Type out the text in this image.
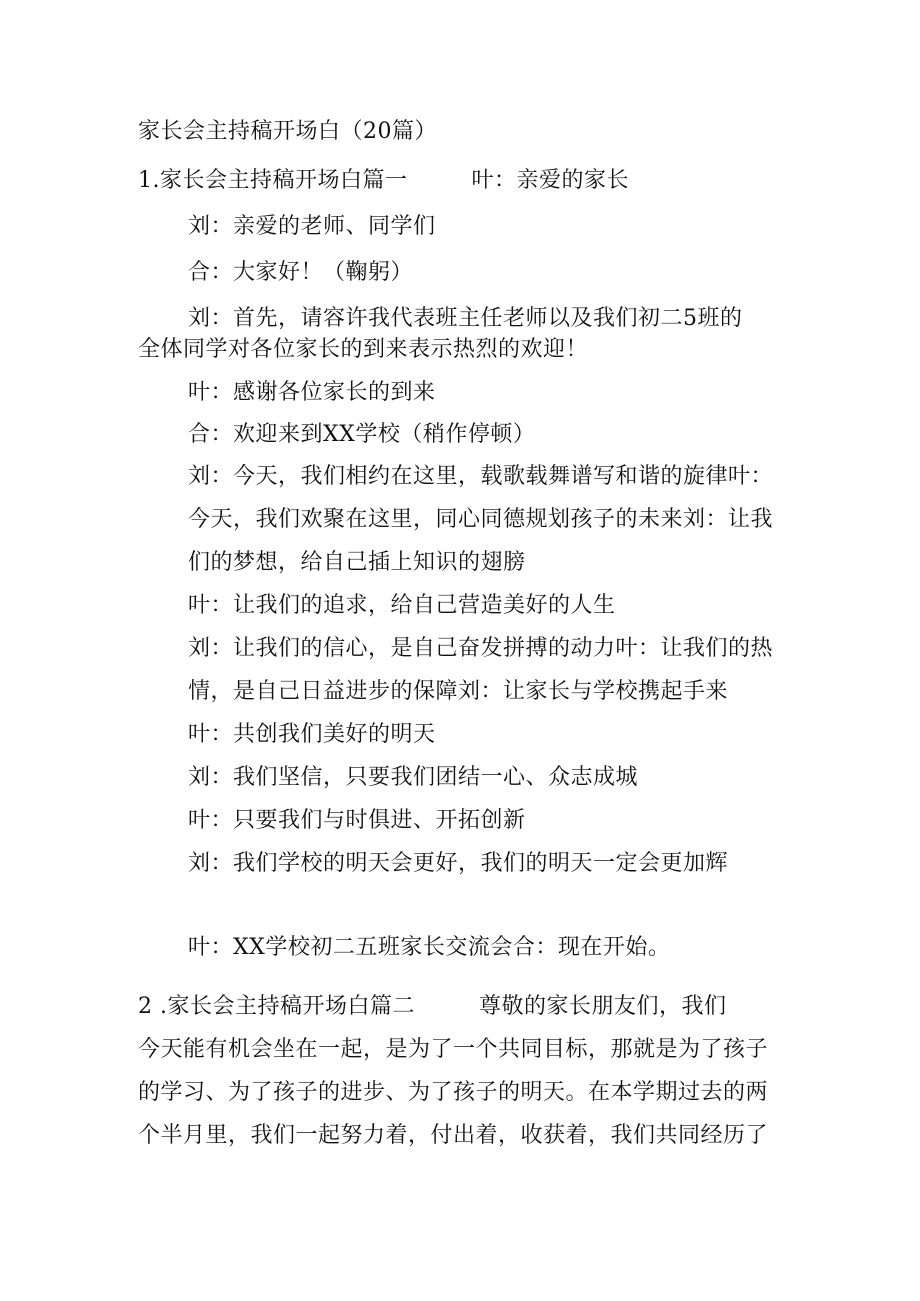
家长会主持稿开场白（20篇）
1.家长会主持稿开场白篇一	叶：亲爱的家长
刘：亲爱的老师、同学们
合：大家好！（鞠躬）
刘：首先，请容许我代表班主任老师以及我们初二5班的
全体同学对各位家长的到来表示热烈的欢迎！
叶：感谢各位家长的到来
合：欢迎来到XX学校（稍作停顿）
刘：今天，我们相约在这里，载歌载舞谱写和谐的旋律叶：
今天，我们欢聚在这里，同心同德规划孩子的未来刘：让我
们的梦想，给自己插上知识的翅膀
叶：让我们的追求，给自己营造美好的人生
刘：让我们的信心，是自己奋发拼搏的动力叶：让我们的热
情，是自己日益进步的保障刘：让家长与学校携起手来
叶：共创我们美好的明天
刘：我们坚信，只要我们团结一心、众志成城
叶：只要我们与时俱进、开拓创新
刘：我们学校的明天会更好，我们的明天一定会更加辉
叶：XX学校初二五班家长交流会合：现在开始。
2 .家长会主持稿开场白篇二	尊敬的家长朋友们，我们
今天能有机会坐在一起，是为了一个共同目标，那就是为了孩子
的学习、为了孩子的进步、为了孩子的明天。在本学期过去的两
个半月里，我们一起努力着，付出着，收获着，我们共同经历了
